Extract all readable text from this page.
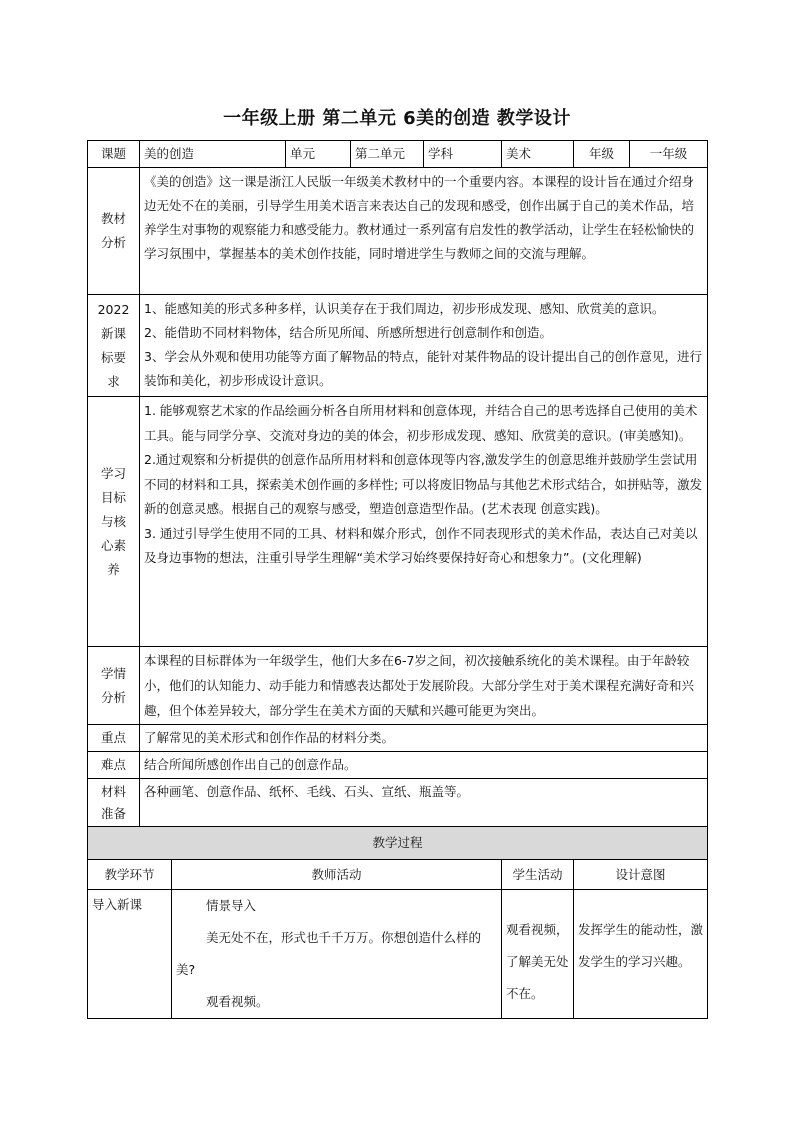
一年级上册 第二单元 6美的创造 教学设计
课题	美的创造		单元	第二单元	学科	美术	年级	一年级

教材分析	《美的创造》这一课是浙江人民版一年级美术教材中的一个重要内容。本课程的设计旨在通过介绍身边无处不在的美丽，引导学生用美术语言来表达自己的发现和感受，创作出属于自己的美术作品，培养学生对事物的观察能力和感受能力。教材通过一系列富有启发性的教学活动，让学生在轻松愉快的学习氛围中，掌握基本的美术创作技能，同时增进学生与教师之间的交流与理解。							

2022新课标要求	1、能感知美的形式多种多样，认识美存在于我们周边，初步形成发现、感知、欣赏美的意识。
2、能借助不同材料物体，结合所见所闻、所感所想进行创意制作和创造。
3、学会从外观和使用功能等方面了解物品的特点，能针对某件物品的设计提出自己的创作意见，进行装饰和美化，初步形成设计意识。							

学习目标与核心素养	1. 能够观察艺术家的作品绘画分析各自所用材料和创意体现，并结合自己的思考选择自己使用的美术工具。能与同学分享、交流对身边的美的体会，初步形成发现、感知、欣赏美的意识。(审美感知)。
2.通过观察和分析提供的创意作品所用材料和创意体现等内容,激发学生的创意思维并鼓励学生尝试用不同的材料和工具，探索美术创作画的多样性; 可以将废旧物品与其他艺术形式结合，如拼贴等，激发新的创意灵感。根据自己的观察与感受，塑造创意造型作品。(艺术表现 创意实践)。
3. 通过引导学生使用不同的工具、材料和媒介形式，创作不同表现形式的美术作品，表达自己对美以及身边事物的想法，注重引导学生理解“美术学习始终要保持好奇心和想象力”。(文化理解)							

学情分析	本课程的目标群体为一年级学生，他们大多在6-7岁之间，初次接触系统化的美术课程。由于年龄较小，他们的认知能力、动手能力和情感表达都处于发展阶段。大部分学生对于美术课程充满好奇和兴趣，但个体差异较大，部分学生在美术方面的天赋和兴趣可能更为突出。							
重点	了解常见的美术形式和创作作品的材料分类。							
难点	结合所闻所感创作出自己的创意作品。							

材料准备	各种画笔、创意作品、纸杯、毛线、石头、宣纸、瓶盖等。							
教学过程								
教学环节		教师活动				学生活动	设计意图	
导入新课		情景导入
美无处不在，形式也千千万万。你想创造什么样的美?
观看视频。				观看视频，了解美无处不在。	发挥学生的能动性，激发学生的学习兴趣。	
